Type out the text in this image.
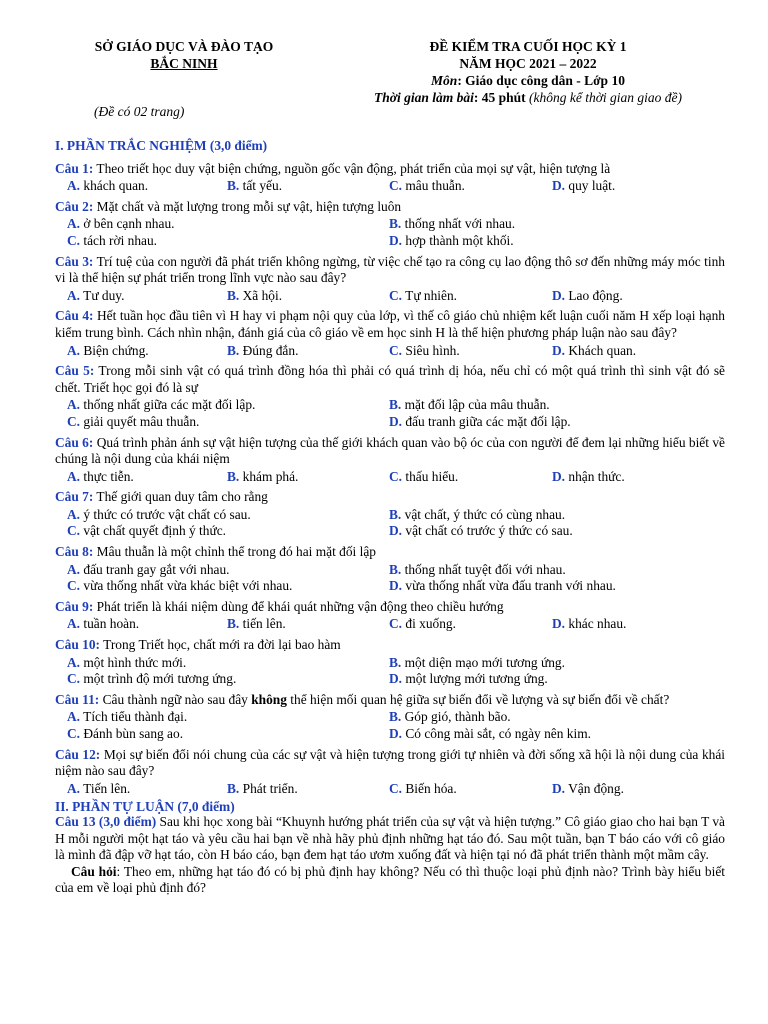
SỞ GIÁO DỤC VÀ ĐÀO TẠO
BẮC NINH
ĐỀ KIỂM TRA CUỐI HỌC KỲ 1
NĂM HỌC 2021 – 2022
Môn: Giáo dục công dân - Lớp 10
Thời gian làm bài: 45 phút (không kể thời gian giao đề)
(Đề có 02 trang)
I. PHẦN TRẮC NGHIỆM (3,0 điểm)
Câu 1: Theo triết học duy vật biện chứng, nguồn gốc vận động, phát triển của mọi sự vật, hiện tượng là
A. khách quan.	B. tất yếu.	C. mâu thuẫn.	D. quy luật.
Câu 2: Mặt chất và mặt lượng trong mỗi sự vật, hiện tượng luôn
A. ở bên cạnh nhau.	B. thống nhất với nhau.
C. tách rời nhau.	D. hợp thành một khối.
Câu 3: Trí tuệ của con người đã phát triển không ngừng, từ việc chế tạo ra công cụ lao động thô sơ đến những máy móc tinh vi là thể hiện sự phát triển trong lĩnh vực nào sau đây?
A. Tư duy.	B. Xã hội.	C. Tự nhiên.	D. Lao động.
Câu 4: Hết tuần học đầu tiên vì H hay vi phạm nội quy của lớp, vì thế cô giáo chủ nhiệm kết luận cuối năm H xếp loại hạnh kiểm trung bình. Cách nhìn nhận, đánh giá của cô giáo về em học sinh H là thể hiện phương pháp luận nào sau đây?
A. Biện chứng.	B. Đúng đắn.	C. Siêu hình.	D. Khách quan.
Câu 5: Trong mỗi sinh vật có quá trình đồng hóa thì phải có quá trình dị hóa, nếu chỉ có một quá trình thì sinh vật đó sẽ chết. Triết học gọi đó là sự
A. thống nhất giữa các mặt đối lập.	B. mặt đối lập của mâu thuẫn.
C. giải quyết mâu thuẫn.	D. đấu tranh giữa các mặt đối lập.
Câu 6: Quá trình phản ánh sự vật hiện tượng của thế giới khách quan vào bộ óc của con người để đem lại những hiểu biết về chúng là nội dung của khái niệm
A. thực tiễn.	B. khám phá.	C. thấu hiểu.	D. nhận thức.
Câu 7: Thế giới quan duy tâm cho rằng
A. ý thức có trước vật chất có sau.	B. vật chất, ý thức có cùng nhau.
C. vật chất quyết định ý thức.	D. vật chất có trước ý thức có sau.
Câu 8: Mâu thuẫn là một chỉnh thể trong đó hai mặt đối lập
A. đấu tranh gay gắt với nhau.	B. thống nhất tuyệt đối với nhau.
C. vừa thống nhất vừa khác biệt với nhau.	D. vừa thống nhất vừa đấu tranh với nhau.
Câu 9: Phát triển là khái niệm dùng để khái quát những vận động theo chiều hướng
A. tuần hoàn.	B. tiến lên.	C. đi xuống.	D. khác nhau.
Câu 10: Trong Triết học, chất mới ra đời lại bao hàm
A. một hình thức mới.	B. một diện mạo mới tương ứng.
C. một trình độ mới tương ứng.	D. một lượng mới tương ứng.
Câu 11: Câu thành ngữ nào sau đây không thể hiện mối quan hệ giữa sự biến đổi về lượng và sự biến đổi về chất?
A. Tích tiểu thành đại.	B. Góp gió, thành bão.
C. Đánh bùn sang ao.	D. Có công mài sắt, có ngày nên kim.
Câu 12: Mọi sự biến đổi nói chung của các sự vật và hiện tượng trong giới tự nhiên và đời sống xã hội là nội dung của khái niệm nào sau đây?
A. Tiến lên.	B. Phát triển.	C. Biến hóa.	D. Vận động.
II. PHẦN TỰ LUẬN (7,0 điểm)
Câu 13 (3,0 điểm) Sau khi học xong bài “Khuynh hướng phát triển của sự vật và hiện tượng.” Cô giáo giao cho hai bạn T và H mỗi người một hạt táo và yêu cầu hai bạn về nhà hãy phủ định những hạt táo đó. Sau một tuần, bạn T báo cáo với cô giáo là mình đã đập vỡ hạt táo, còn H báo cáo, bạn đem hạt táo ươm xuống đất và hiện tại nó đã phát triển thành một mầm cây.
Câu hỏi: Theo em, những hạt táo đó có bị phủ định hay không? Nếu có thì thuộc loại phủ định nào? Trình bày hiểu biết của em về loại phủ định đó?
